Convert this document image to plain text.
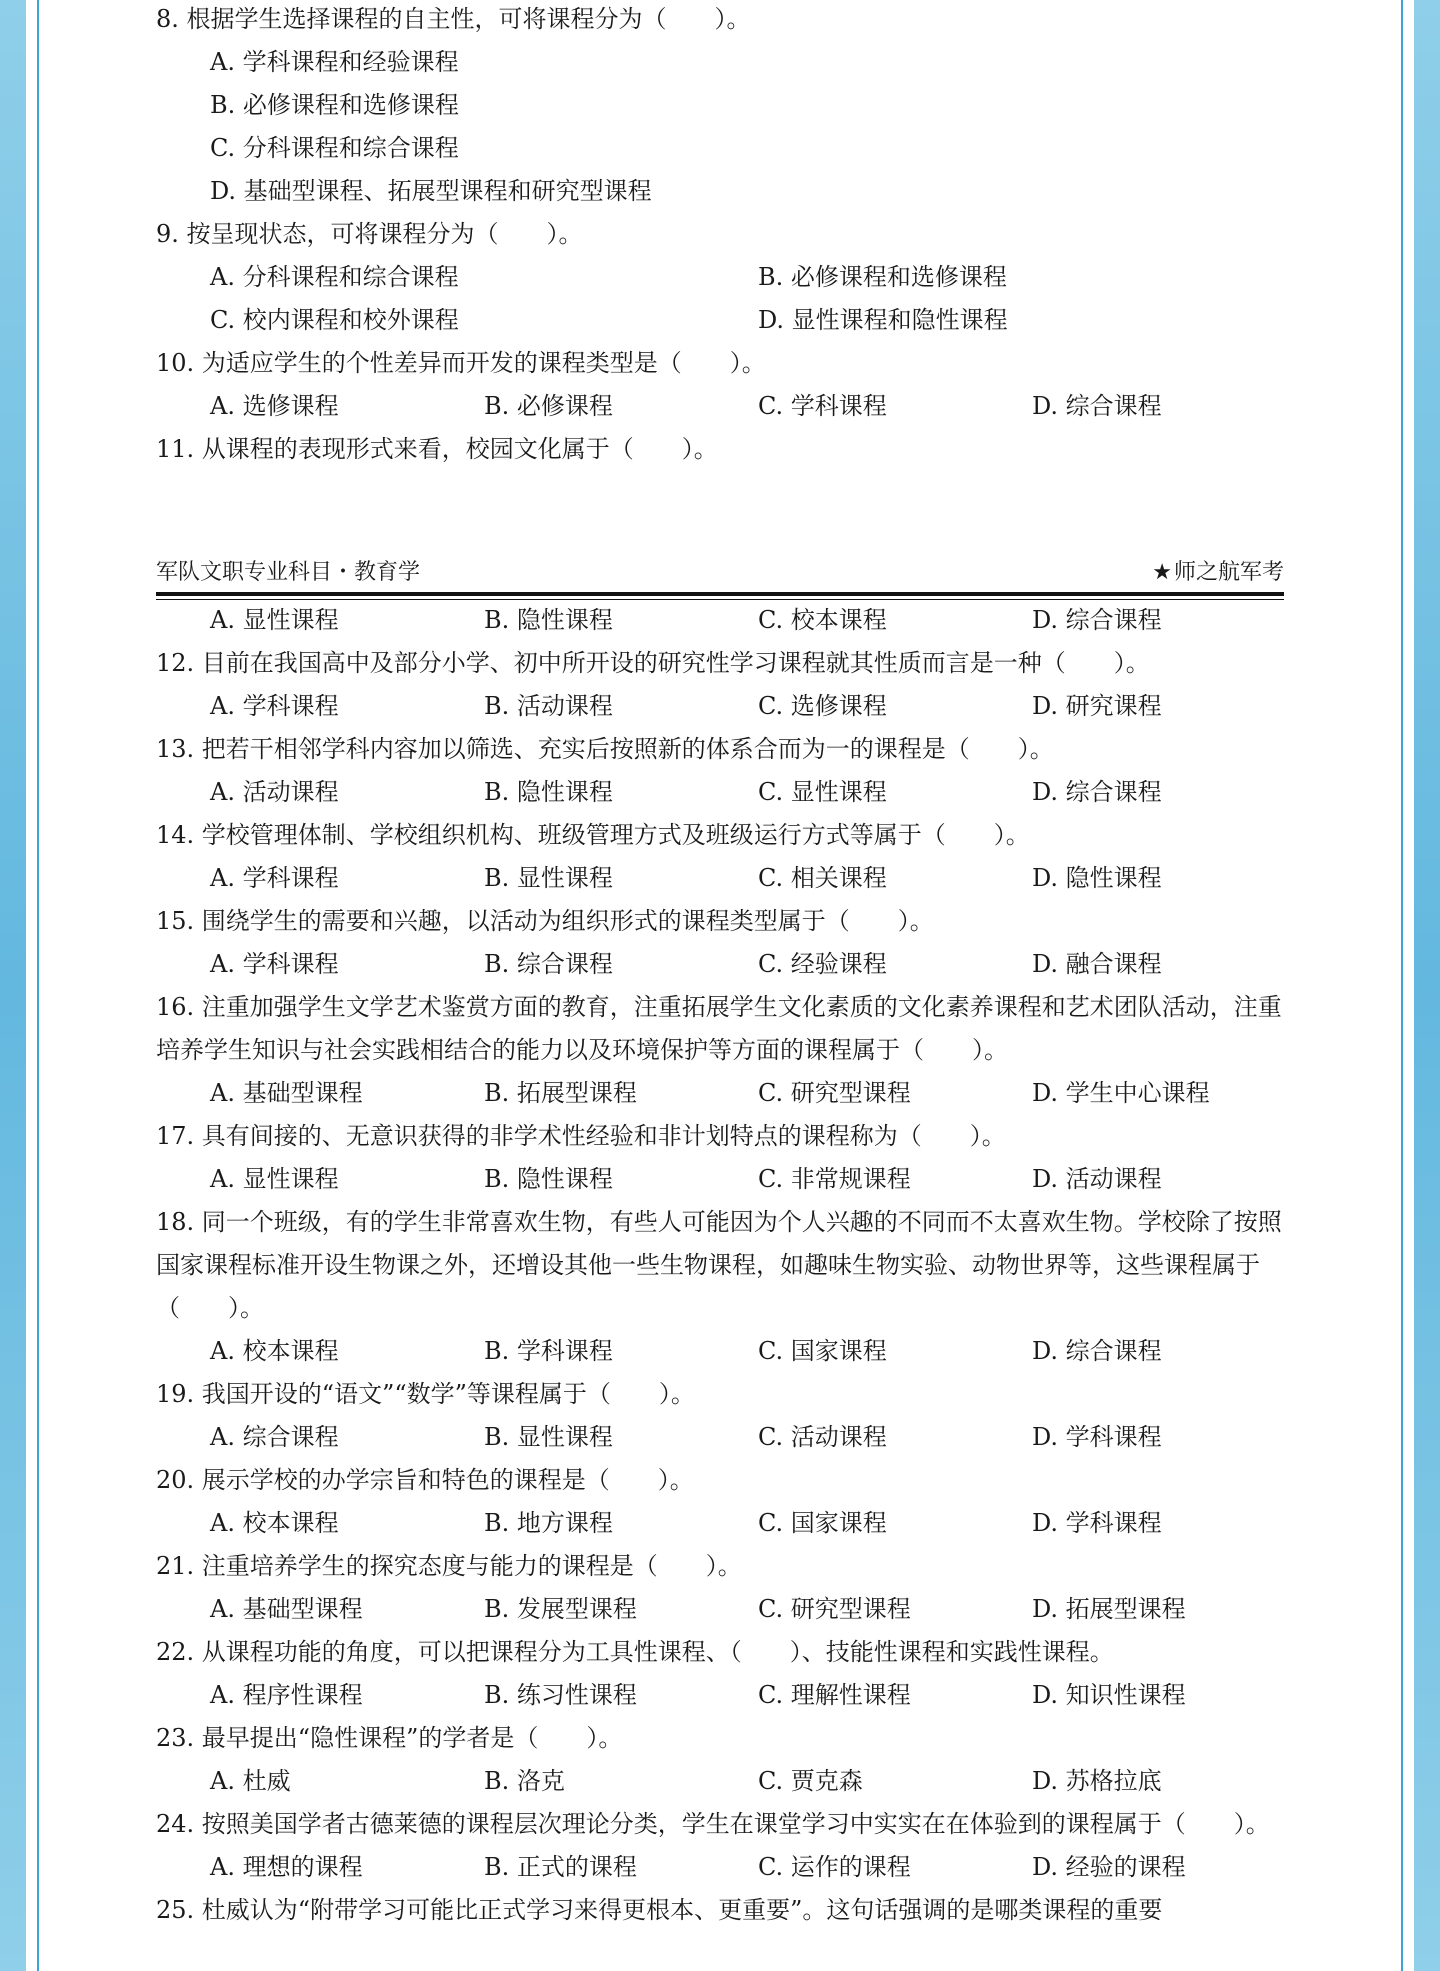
8. 根据学生选择课程的自主性，可将课程分为（　　）。
A. 学科课程和经验课程
B. 必修课程和选修课程
C. 分科课程和综合课程
D. 基础型课程、拓展型课程和研究型课程
9. 按呈现状态，可将课程分为（　　）。
A. 分科课程和综合课程	B. 必修课程和选修课程
C. 校内课程和校外课程	D. 显性课程和隐性课程
10. 为适应学生的个性差异而开发的课程类型是（　　）。
A. 选修课程	B. 必修课程	C. 学科课程	D. 综合课程
11. 从课程的表现形式来看，校园文化属于（　　）。
军队文职专业科目・教育学	★师之航军考
A. 显性课程	B. 隐性课程	C. 校本课程	D. 综合课程
12. 目前在我国高中及部分小学、初中所开设的研究性学习课程就其性质而言是一种（　　）。
A. 学科课程	B. 活动课程	C. 选修课程	D. 研究课程
13. 把若干相邻学科内容加以筛选、充实后按照新的体系合而为一的课程是（　　）。
A. 活动课程	B. 隐性课程	C. 显性课程	D. 综合课程
14. 学校管理体制、学校组织机构、班级管理方式及班级运行方式等属于（　　）。
A. 学科课程	B. 显性课程	C. 相关课程	D. 隐性课程
15. 围绕学生的需要和兴趣，以活动为组织形式的课程类型属于（　　）。
A. 学科课程	B. 综合课程	C. 经验课程	D. 融合课程
16. 注重加强学生文学艺术鉴赏方面的教育，注重拓展学生文化素质的文化素养课程和艺术团队活动，注重培养学生知识与社会实践相结合的能力以及环境保护等方面的课程属于（　　）。
A. 基础型课程	B. 拓展型课程	C. 研究型课程	D. 学生中心课程
17. 具有间接的、无意识获得的非学术性经验和非计划特点的课程称为（　　）。
A. 显性课程	B. 隐性课程	C. 非常规课程	D. 活动课程
18. 同一个班级，有的学生非常喜欢生物，有些人可能因为个人兴趣的不同而不太喜欢生物。学校除了按照国家课程标准开设生物课之外，还增设其他一些生物课程，如趣味生物实验、动物世界等，这些课程属于（　　）。
A. 校本课程	B. 学科课程	C. 国家课程	D. 综合课程
19. 我国开设的“语文”“数学”等课程属于（　　）。
A. 综合课程	B. 显性课程	C. 活动课程	D. 学科课程
20. 展示学校的办学宗旨和特色的课程是（　　）。
A. 校本课程	B. 地方课程	C. 国家课程	D. 学科课程
21. 注重培养学生的探究态度与能力的课程是（　　）。
A. 基础型课程	B. 发展型课程	C. 研究型课程	D. 拓展型课程
22. 从课程功能的角度，可以把课程分为工具性课程、（　　）、技能性课程和实践性课程。
A. 程序性课程	B. 练习性课程	C. 理解性课程	D. 知识性课程
23. 最早提出“隐性课程”的学者是（　　）。
A. 杜威	B. 洛克	C. 贾克森	D. 苏格拉底
24. 按照美国学者古德莱德的课程层次理论分类，学生在课堂学习中实实在在体验到的课程属于（　　）。
A. 理想的课程	B. 正式的课程	C. 运作的课程	D. 经验的课程
25. 杜威认为“附带学习可能比正式学习来得更根本、更重要”。这句话强调的是哪类课程的重要
